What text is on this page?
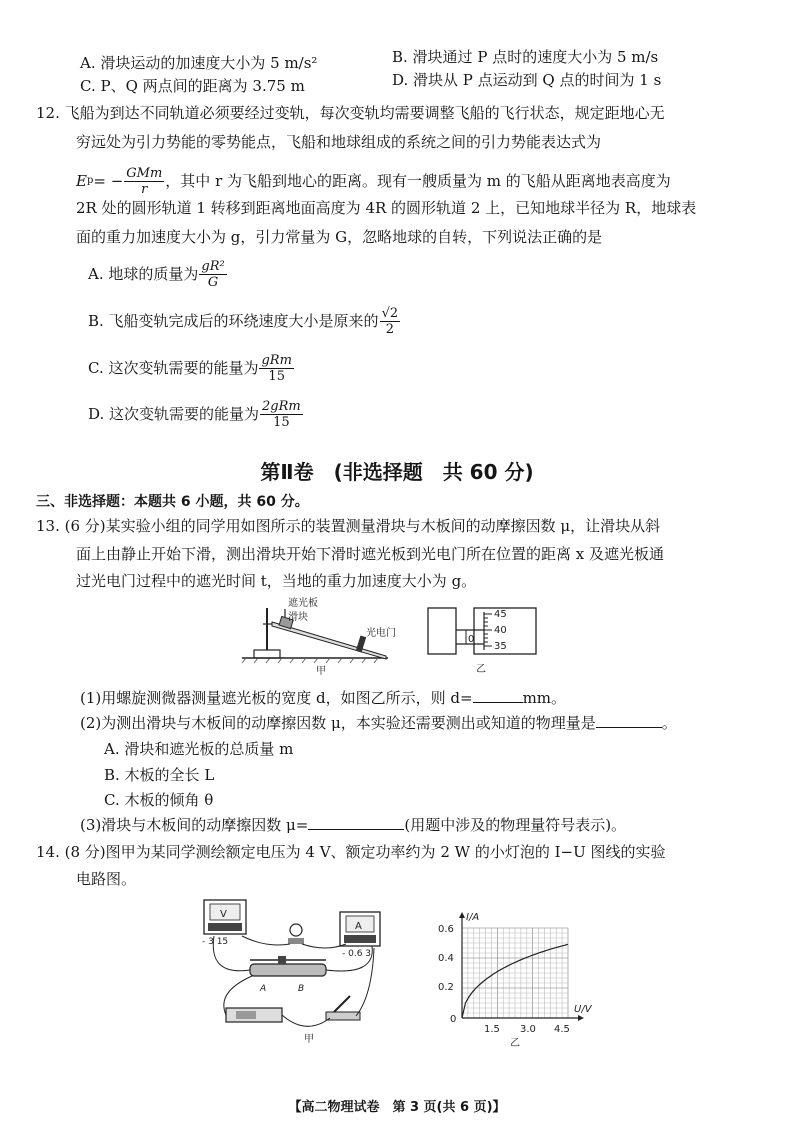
A. 滑块运动的加速度大小为 5 m/s²	B. 滑块通过 P 点时的速度大小为 5 m/s
C. P、Q 两点间的距离为 3.75 m	D. 滑块从 P 点运动到 Q 点的时间为 1 s
12. 飞船为到达不同轨道必须要经过变轨，每次变轨均需要调整飞船的飞行状态，规定距地心无
穷远处为引力势能的零势能点，飞船和地球组成的系统之间的引力势能表达式为
E p = − $\frac{\text{GMm}}{r}$ ，其中 r 为飞船到地心的距离。现有一艘质量为 m 的飞船从距离地表高度为
2R 处的圆形轨道 1 转移到距离地面高度为 4R 的圆形轨道 2 上，已知地球半径为 R，地球表
面的重力加速度大小为 g，引力常量为 G，忽略地球的自转，下列说法正确的是
A. 地球的质量为 $\frac{\text{gR²}}{G}$
B. 飞船变轨完成后的环绕速度大小是原来的 $\frac{√2}{2}$
C. 这次变轨需要的能量为 $\frac{\text{gRm}}{15}$
D. 这次变轨需要的能量为 $\frac{\text{2gRm}}{15}$
第Ⅱ卷　(非选择题　共 60 分)
三、非选择题：本题共 6 小题，共 60 分。
13. (6 分)某实验小组的同学用如图所示的装置测量滑块与木板间的动摩擦因数 μ，让滑块从斜
面上由静止开始下滑，测出滑块开始下滑时遮光板到光电门所在位置的距离 x 及遮光板通
过光电门过程中的遮光时间 t，当地的重力加速度大小为 g。
遮光板
滑块
光电门
甲
45
40
35
0
乙
(1)用螺旋测微器测量遮光板的宽度 d，如图乙所示，则 d=	mm。
(2)为测出滑块与木板间的动摩擦因数 μ，本实验还需要测出或知道的物理量是	。
A. 滑块和遮光板的总质量 m
B. 木板的全长 L
C. 木板的倾角 θ
(3)滑块与木板间的动摩擦因数 μ=	(用题中涉及的物理量符号表示)。
14. (8 分)图甲为某同学测绘额定电压为 4 V、额定功率约为 2 W 的小灯泡的 I−U 图线的实验
电路图。
V
- 3 15
A
- 0.6 3
A	B
甲
I/A
U/V
0.6
0.4
0.2
0
1.5 3.0 4.5
乙
【高二物理试卷　第 3 页(共 6 页)】
